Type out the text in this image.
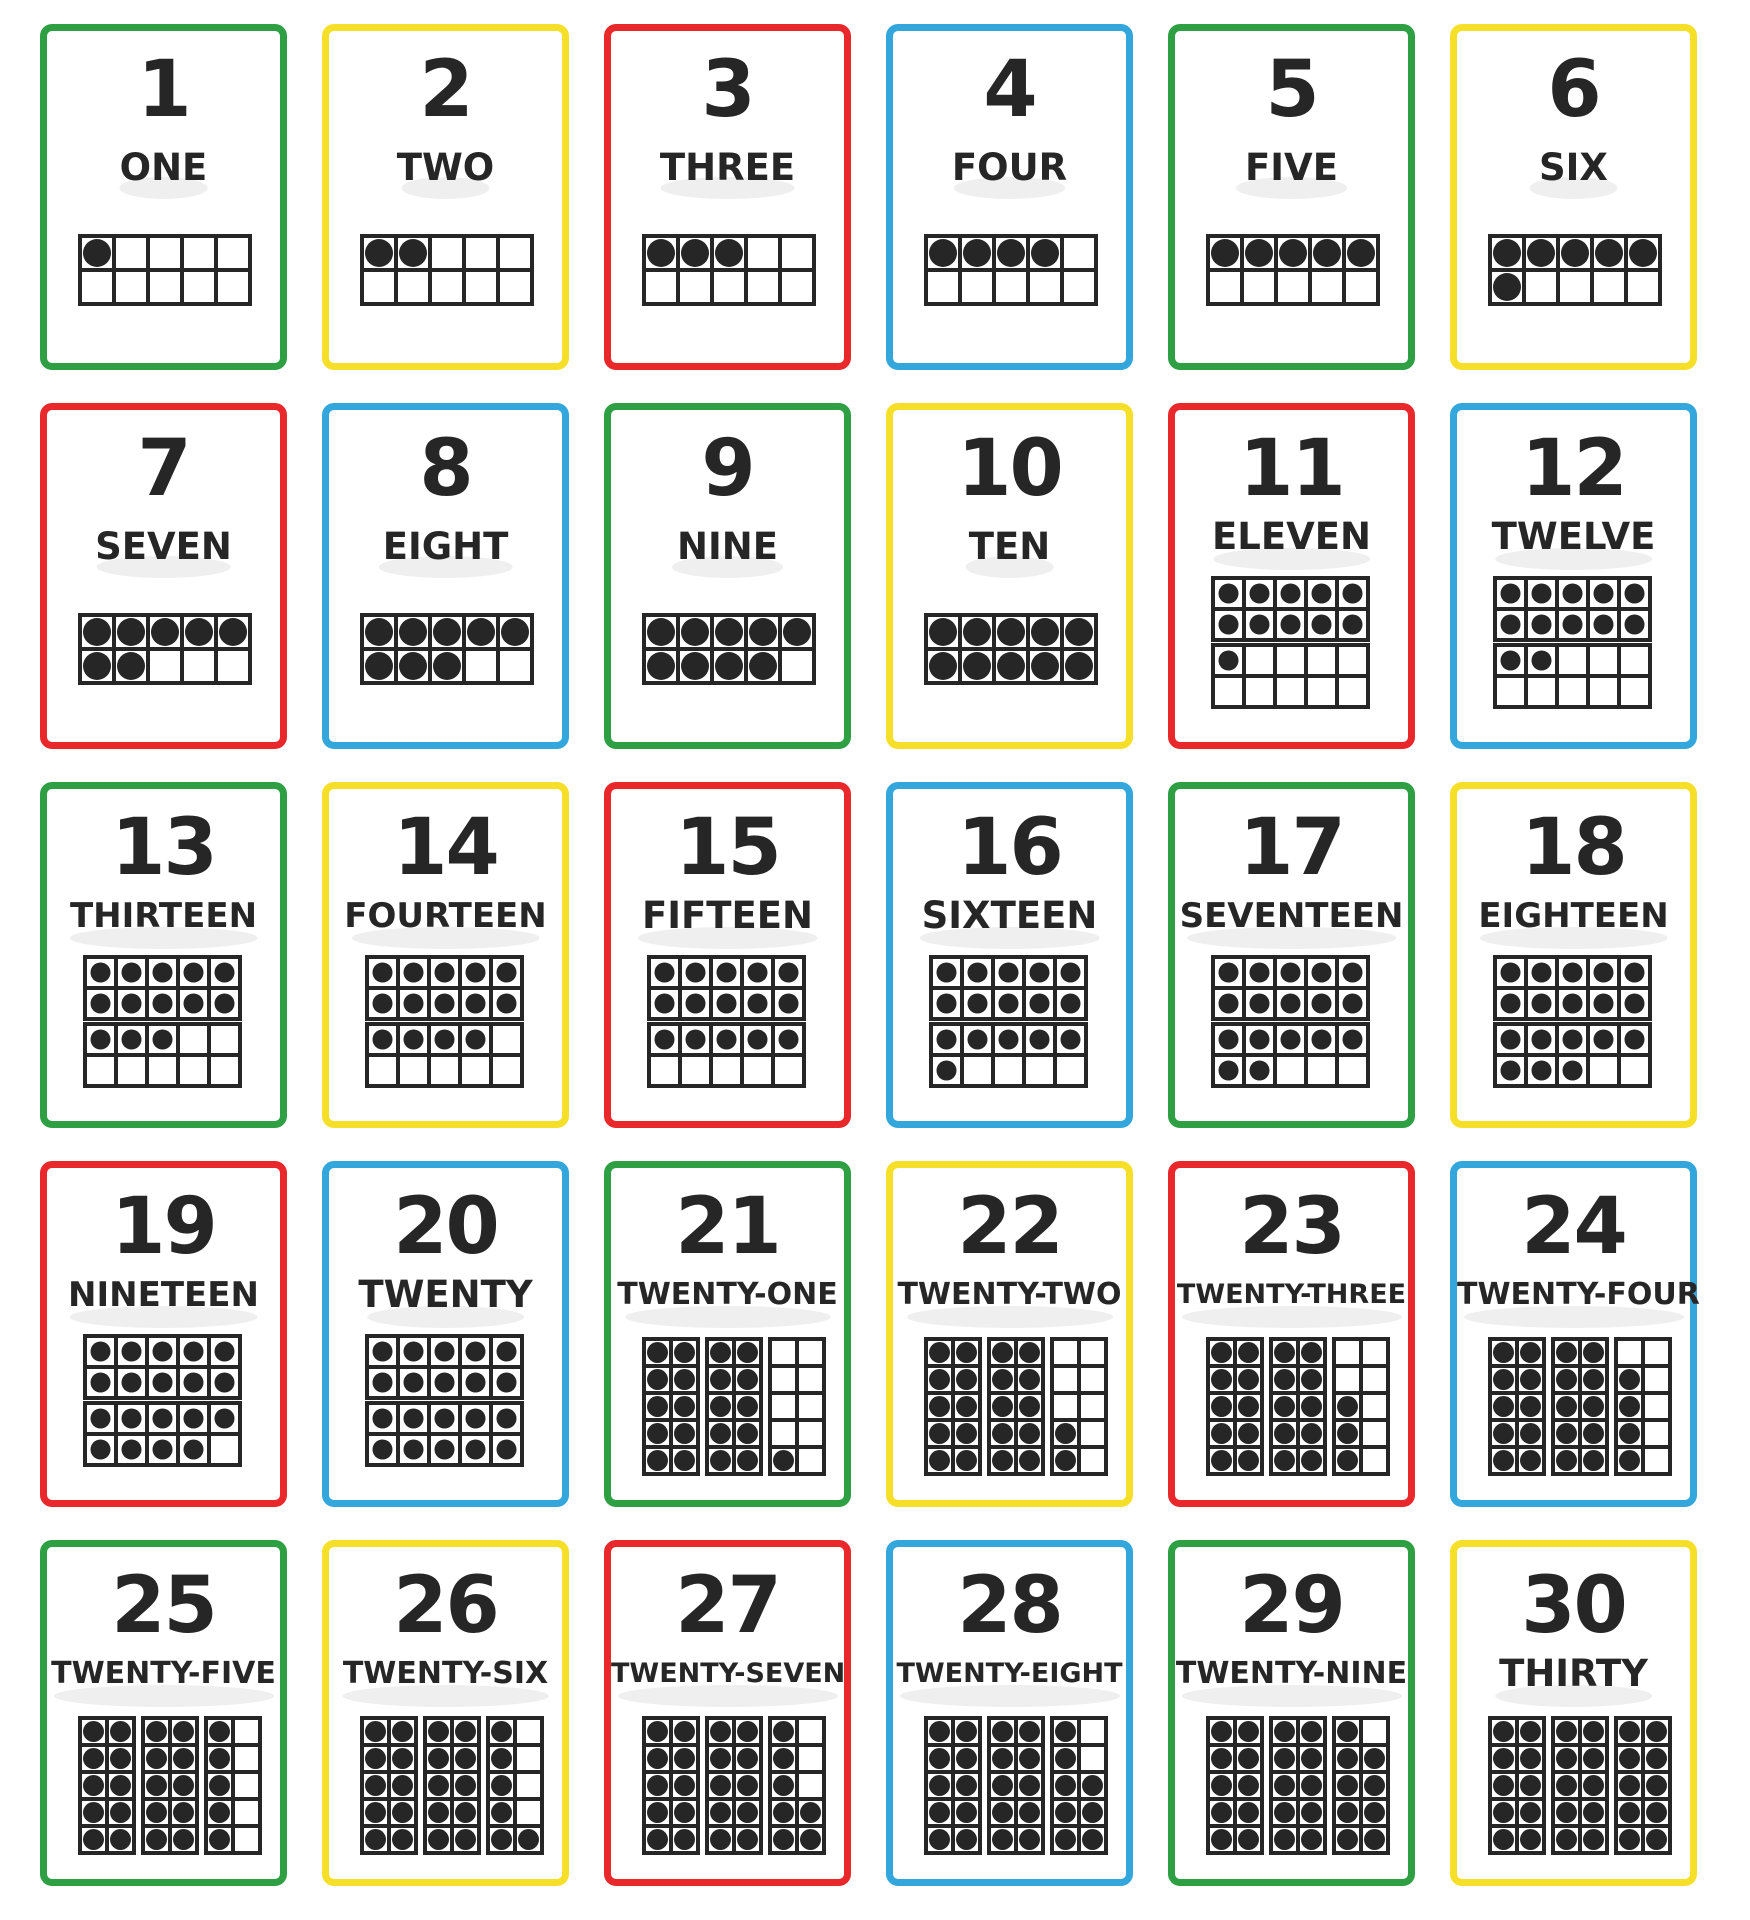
1
ONE
2
TWO
3
THREE
4
FOUR
5
FIVE
6
SIX
7
SEVEN
8
EIGHT
9
NINE
10
TEN
11
ELEVEN
12
TWELVE
13
THIRTEEN
14
FOURTEEN
15
FIFTEEN
16
SIXTEEN
17
SEVENTEEN
18
EIGHTEEN
19
NINETEEN
20
TWENTY
21
TWENTY-ONE
22
TWENTY-TWO
23
TWENTY-THREE
24
TWENTY-FOUR
25
TWENTY-FIVE
26
TWENTY-SIX
27
TWENTY-SEVEN
28
TWENTY-EIGHT
29
TWENTY-NINE
30
THIRTY
